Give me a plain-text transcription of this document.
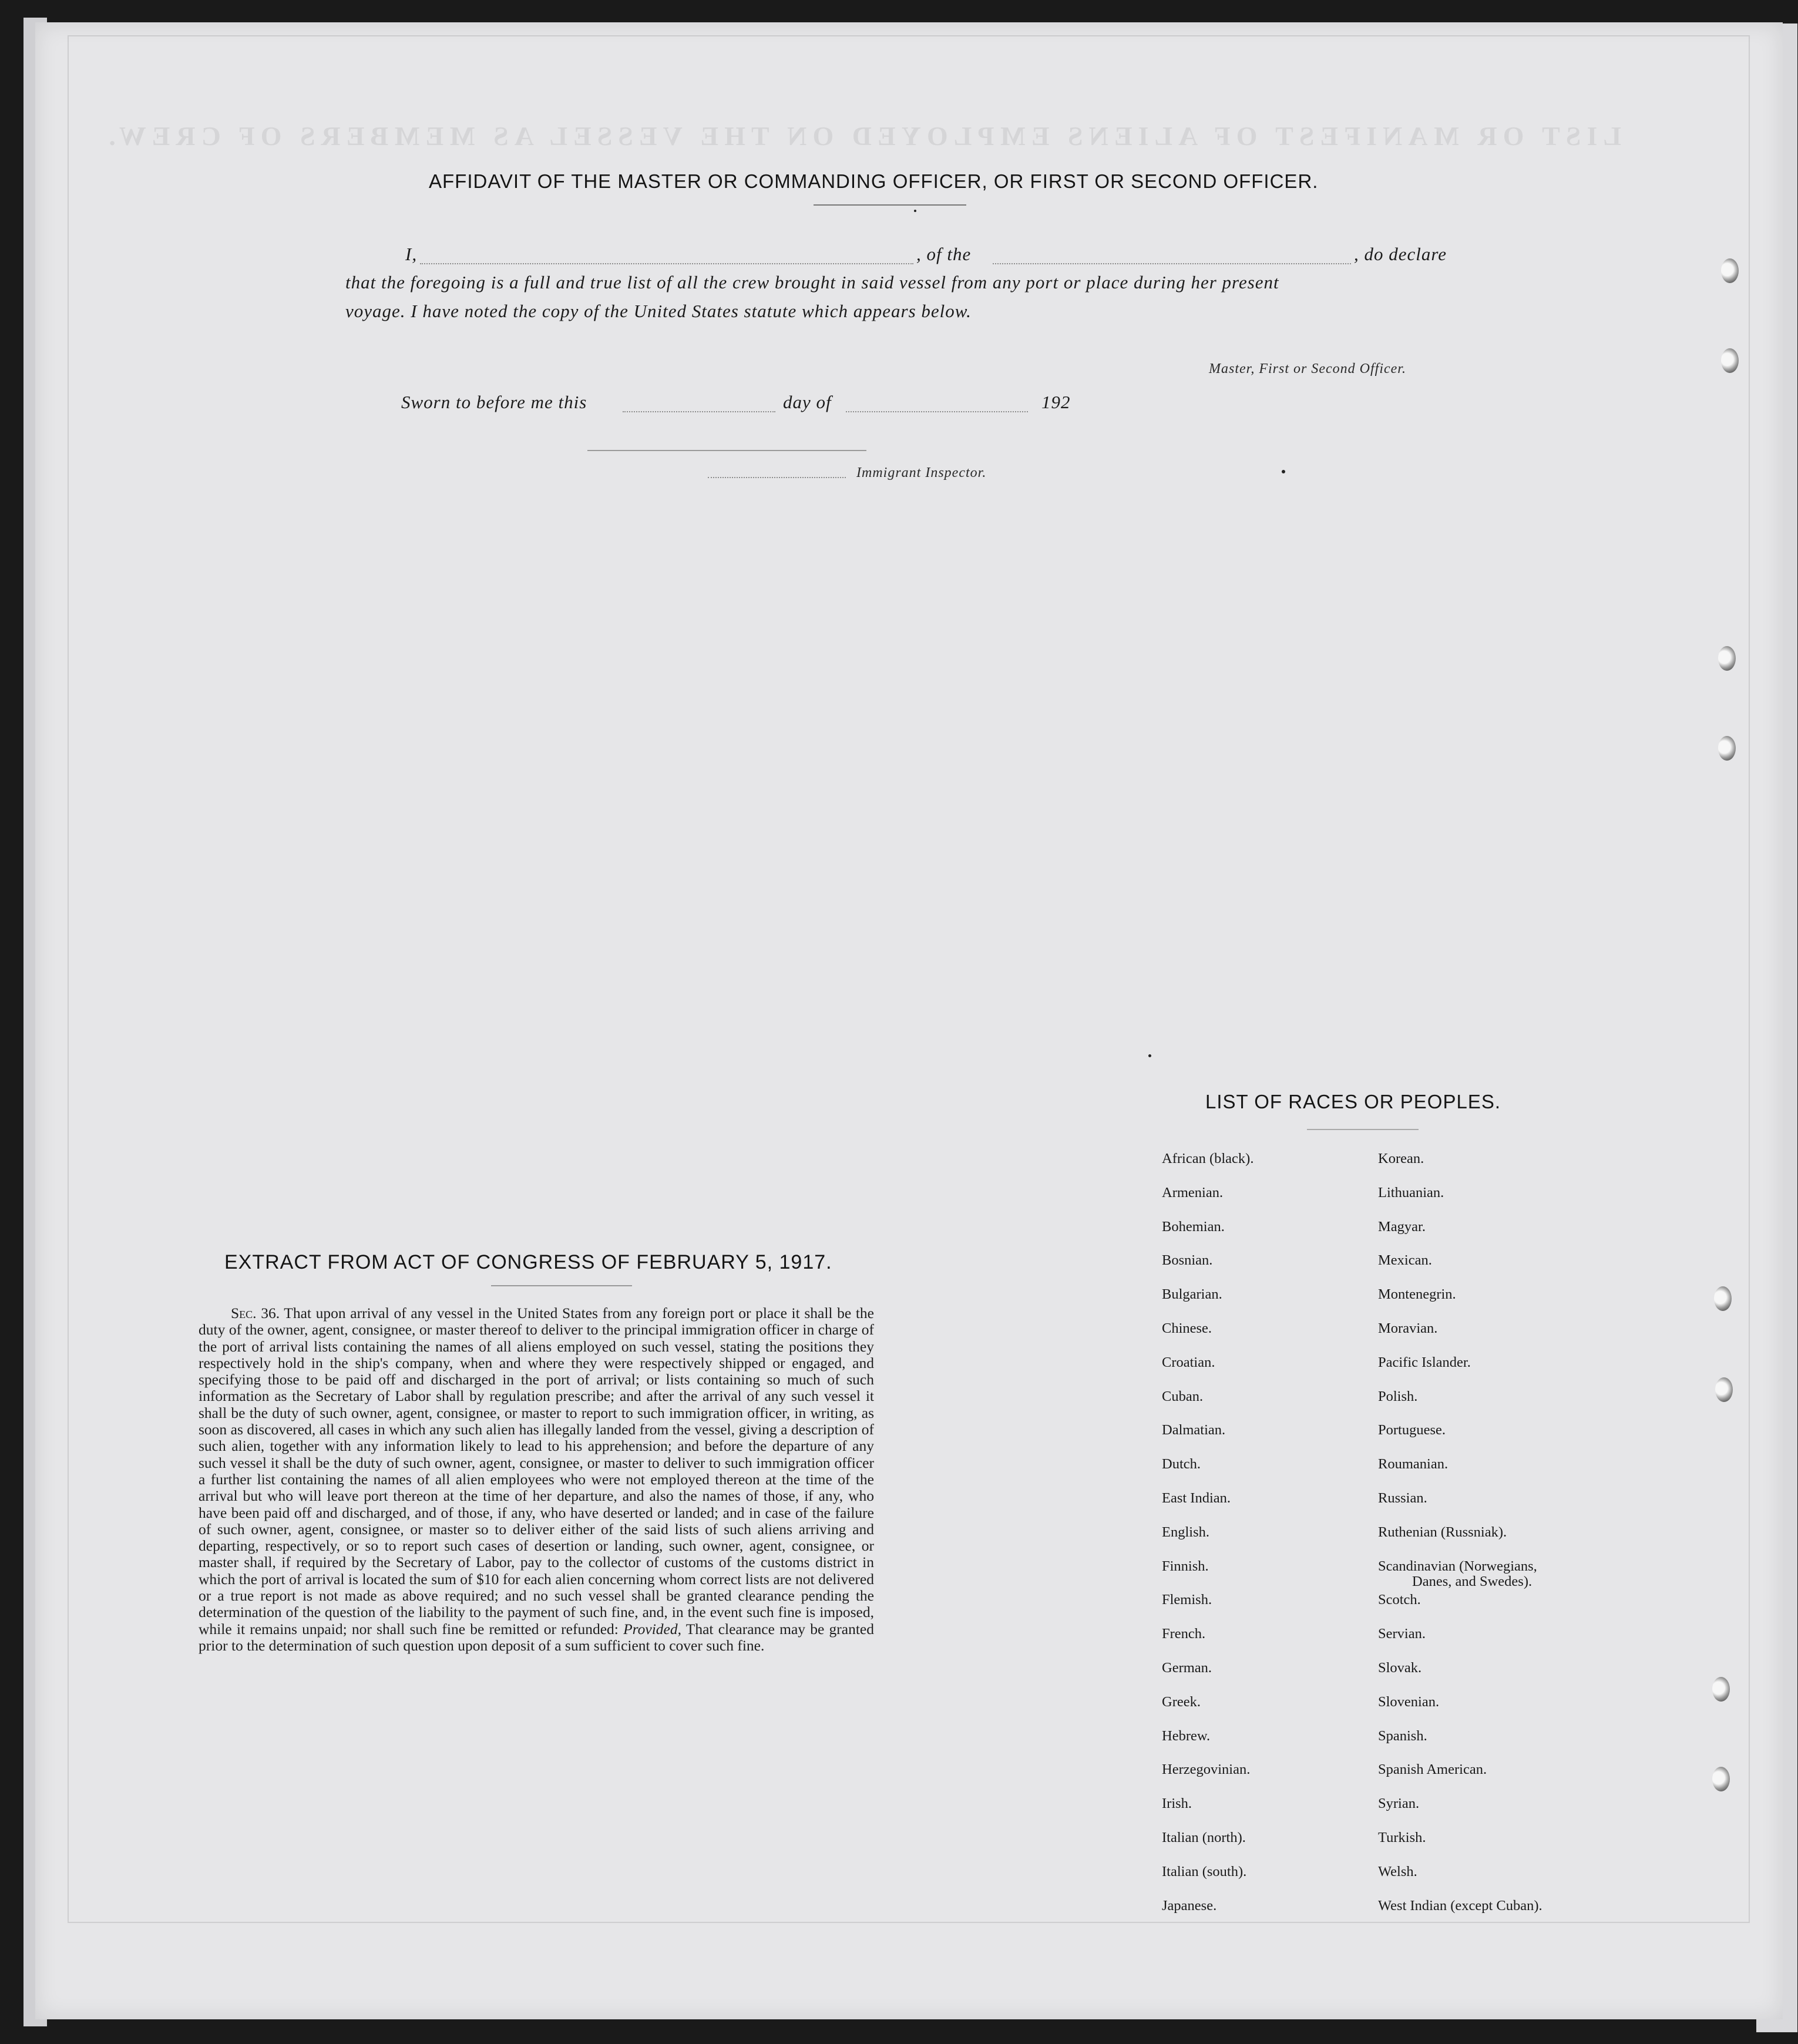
LIST OR MANIFEST OF ALIENS EMPLOYED ON THE VESSEL AS MEMBERS OF CREW.
AFFIDAVIT OF THE MASTER OR COMMANDING OFFICER, OR FIRST OR SECOND OFFICER.
I,	, of the	, do declare
that the foregoing is a full and true list of all the crew brought in said vessel from any port or place during her present
voyage. I have noted the copy of the United States statute which appears below.
Master, First or Second Officer.
Sworn to before me this	day of	192
Immigrant Inspector.
EXTRACT FROM ACT OF CONGRESS OF FEBRUARY 5, 1917.
Sec. 36. That upon arrival of any vessel in the United States from any foreign port or place it shall be the duty of the owner, agent, consignee, or master thereof to deliver to the principal immigration officer in charge of the port of arrival lists containing the names of all aliens employed on such vessel, stating the positions they respectively hold in the ship's company, when and where they were respectively shipped or engaged, and specifying those to be paid off and discharged in the port of arrival; or lists containing so much of such information as the Secretary of Labor shall by regulation prescribe; and after the arrival of any such vessel it shall be the duty of such owner, agent, consignee, or master to report to such immigration officer, in writing, as soon as discovered, all cases in which any such alien has illegally landed from the vessel, giving a description of such alien, together with any information likely to lead to his apprehension; and before the departure of any such vessel it shall be the duty of such owner, agent, consignee, or master to deliver to such immigration officer a further list containing the names of all alien employees who were not employed thereon at the time of the arrival but who will leave port thereon at the time of her departure, and also the names of those, if any, who have been paid off and discharged, and of those, if any, who have deserted or landed; and in case of the failure of such owner, agent, consignee, or master so to deliver either of the said lists of such aliens arriving and departing, respectively, or so to report such cases of desertion or landing, such owner, agent, consignee, or master shall, if required by the Secretary of Labor, pay to the collector of customs of the customs district in which the port of arrival is located the sum of $10 for each alien concerning whom correct lists are not delivered or a true report is not made as above required; and no such vessel shall be granted clearance pending the determination of the question of the liability to the payment of such fine, and, in the event such fine is imposed, while it remains unpaid; nor shall such fine be remitted or refunded: Provided, That clearance may be granted prior to the determination of such question upon deposit of a sum sufficient to cover such fine.
LIST OF RACES OR PEOPLES.
African (black).
Armenian.
Bohemian.
Bosnian.
Bulgarian.
Chinese.
Croatian.
Cuban.
Dalmatian.
Dutch.
East Indian.
English.
Finnish.
Flemish.
French.
German.
Greek.
Hebrew.
Herzegovinian.
Irish.
Italian (north).
Italian (south).
Japanese.
Korean.
Lithuanian.
Magyar.
Mexican.
Montenegrin.
Moravian.
Pacific Islander.
Polish.
Portuguese.
Roumanian.
Russian.
Ruthenian (Russniak).
Scandinavian (Norwegians,
Scotch.
Servian.
Slovak.
Slovenian.
Spanish.
Spanish American.
Syrian.
Turkish.
Welsh.
West Indian (except Cuban).
Danes, and Swedes).
